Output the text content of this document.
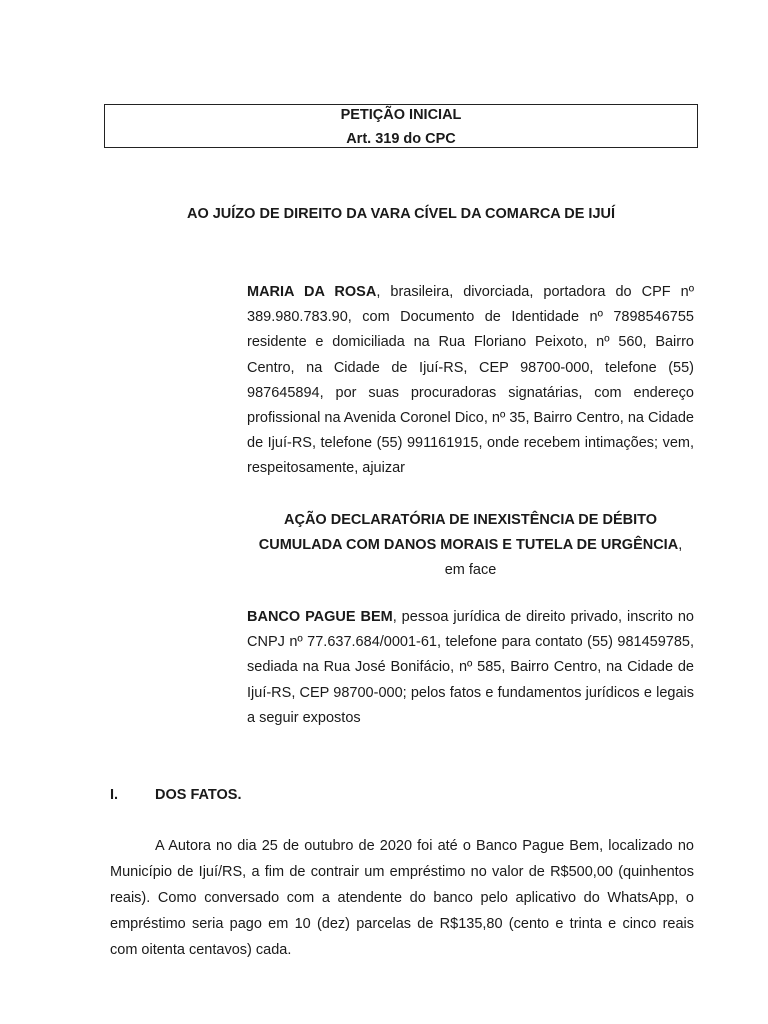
PETIÇÃO INICIAL
Art. 319 do CPC
AO JUÍZO DE DIREITO DA VARA CÍVEL DA COMARCA DE IJUÍ
MARIA DA ROSA, brasileira, divorciada, portadora do CPF nº 389.980.783.90, com Documento de Identidade nº 7898546755 residente e domiciliada na Rua Floriano Peixoto, nº 560, Bairro Centro, na Cidade de Ijuí-RS, CEP 98700-000, telefone (55) 987645894, por suas procuradoras signatárias, com endereço profissional na Avenida Coronel Dico, nº 35, Bairro Centro, na Cidade de Ijuí-RS, telefone (55) 991161915, onde recebem intimações; vem, respeitosamente, ajuizar
AÇÃO DECLARATÓRIA DE INEXISTÊNCIA DE DÉBITO CUMULADA COM DANOS MORAIS E TUTELA DE URGÊNCIA, em face
BANCO PAGUE BEM, pessoa jurídica de direito privado, inscrito no CNPJ nº 77.637.684/0001-61, telefone para contato (55) 981459785, sediada na Rua José Bonifácio, nº 585, Bairro Centro, na Cidade de Ijuí-RS, CEP 98700-000; pelos fatos e fundamentos jurídicos e legais a seguir expostos
I.	DOS FATOS.
A Autora no dia 25 de outubro de 2020 foi até o Banco Pague Bem, localizado no Município de Ijuí/RS, a fim de contrair um empréstimo no valor de R$500,00 (quinhentos reais). Como conversado com a atendente do banco pelo aplicativo do WhatsApp, o empréstimo seria pago em 10 (dez) parcelas de R$135,80 (cento e trinta e cinco reais com oitenta centavos) cada.
